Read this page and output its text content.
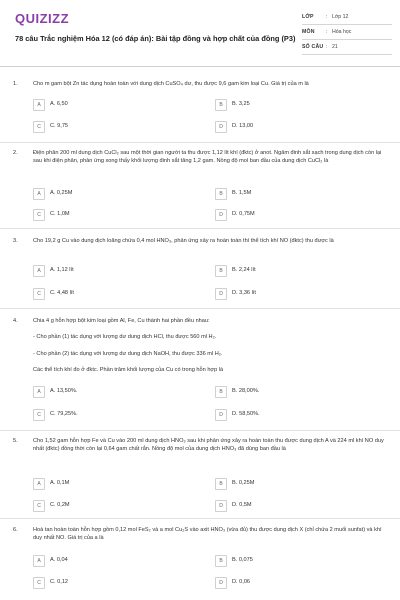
QUIZIZZ
78 câu Trắc nghiệm Hóa 12 (có đáp án): Bài tập đồng và hợp chất của đồng (P3)
LỚP : Lớp 12
MÔN : Hóa học
SỐ CÂU : 21
1.	Cho m gam bột Zn tác dụng hoàn toàn với dung dịch CuSO₄ dư, thu được 9,6 gam kim loại Cu. Giá trị của m là
A	A. 6,50	B	B. 3,25
C	C. 9,75	D	D. 13,00
2.	Điện phân 200 ml dung dịch CuCl₂ sau một thời gian người ta thu được 1,12 lít khí (đktc) ở anot. Ngâm đinh sắt sạch trong dung dịch còn lại sau khi điện phân, phản ứng xong thấy khối lượng đinh sắt tăng 1,2 gam. Nồng độ mol ban đầu của dung dịch CuCl₂ là
A	A. 0,25M	B	B. 1,5M
C	C. 1,0M	D	D. 0,75M
3.	Cho 19,2 g Cu vào dung dịch loãng chứa 0,4 mol HNO₃, phản ứng xảy ra hoàn toàn thì thể tích khí NO (đktc) thu được là
A	A. 1,12 lít	B	B. 2,24 lít
C	C. 4,48 lít	D	D. 3,36 lít
4.	Chia 4 g hỗn hợp bột kim loại gồm Al, Fe, Cu thành hai phần đều nhau:
- Cho phần (1) tác dụng với lượng dư dung dịch HCl, thu được 560 ml H₂.
- Cho phần (2) tác dụng với lượng dư dung dịch NaOH, thu được 336 ml H₂.
Các thể tích khí đo ở đktc. Phần trăm khối lượng của Cu có trong hỗn hợp là
A	A. 13,50%.	B	B. 28,00%.
C	C. 79,25%.	D	D. 58,50%.
5.	Cho 1,52 gam hỗn hợp Fe và Cu vào 200 ml dung dịch HNO₃ sau khi phản ứng xảy ra hoàn toàn thu được dung dịch A và 224 ml khí NO duy nhất (đktc) đồng thời còn lại 0,64 gam chất rắn. Nồng độ mol của dung dịch HNO₃ đã dùng ban đầu là
A	A. 0,1M	B	B. 0,25M
C	C. 0,2M	D	D. 0,5M
6.	Hoà tan hoàn toàn hỗn hợp gồm 0,12 mol FeS₂ và a mol Cu₂S vào axit HNO₃ (vừa đủ) thu được dung dịch X (chỉ chứa 2 muối sunfat) và khí duy nhất NO. Giá trị của a là
A	A. 0,04	B	B. 0,075
C	C. 0,12	D	D. 0,06
